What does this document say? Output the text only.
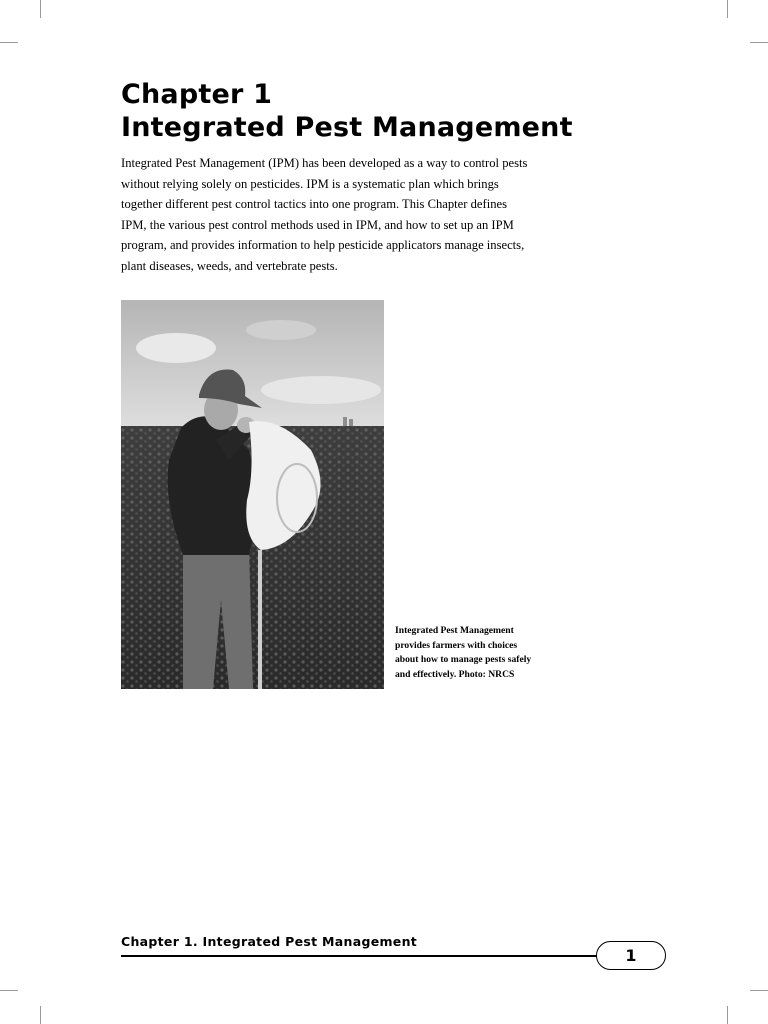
Chapter 1
Integrated Pest Management

Integrated Pest Management (IPM) has been developed as a way to control pests without relying solely on pesticides. IPM is a systematic plan which brings together different pest control tactics into one program. This Chapter defines IPM, the various pest control methods used in IPM, and how to set up an IPM program, and provides information to help pesticide applicators manage insects, plant diseases, weeds, and vertebrate pests.

Integrated Pest Management provides farmers with choices about how to manage pests safely and effectively. Photo: NRCS

Chapter 1. Integrated Pest Management
1
